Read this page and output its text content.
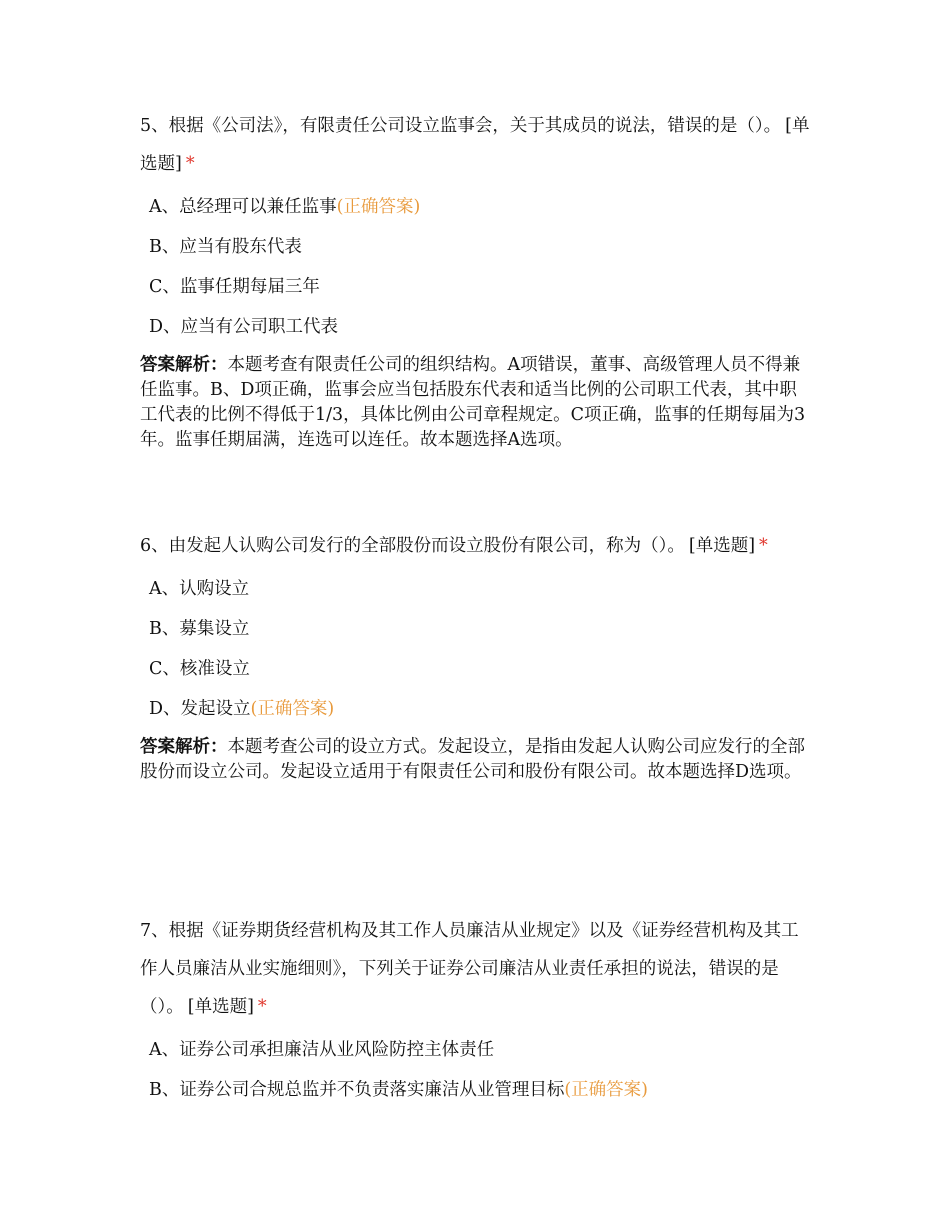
5、根据《公司法》，有限责任公司设立监事会，关于其成员的说法，错误的是（）。 [单选题] *

A、总经理可以兼任监事(正确答案)
B、应当有股东代表
C、监事任期每届三年
D、应当有公司职工代表
答案解析：本题考查有限责任公司的组织结构。A项错误，董事、高级管理人员不得兼任监事。B、D项正确，监事会应当包括股东代表和适当比例的公司职工代表，其中职工代表的比例不得低于1/3，具体比例由公司章程规定。C项正确，监事的任期每届为3年。监事任期届满，连选可以连任。故本题选择A选项。

6、由发起人认购公司发行的全部股份而设立股份有限公司，称为（）。 [单选题] *

A、认购设立
B、募集设立
C、核准设立
D、发起设立(正确答案)
答案解析：本题考查公司的设立方式。发起设立，是指由发起人认购公司应发行的全部股份而设立公司。发起设立适用于有限责任公司和股份有限公司。故本题选择D选项。

7、根据《证券期货经营机构及其工作人员廉洁从业规定》以及《证券经营机构及其工作人员廉洁从业实施细则》，下列关于证券公司廉洁从业责任承担的说法，错误的是（）。 [单选题] *

A、证券公司承担廉洁从业风险防控主体责任
B、证券公司合规总监并不负责落实廉洁从业管理目标(正确答案)
